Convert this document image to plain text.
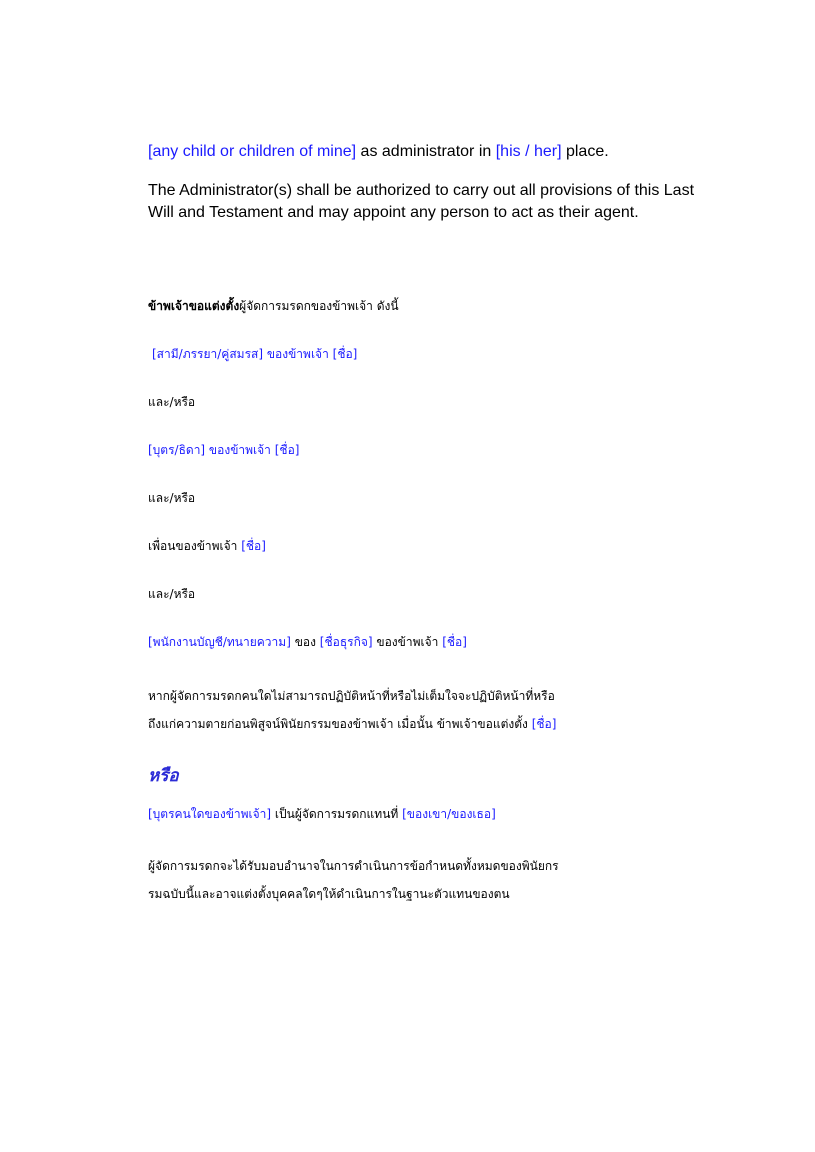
[any child or children of mine] as administrator in [his / her] place.
The Administrator(s) shall be authorized to carry out all provisions of this Last
Will and Testament and may appoint any person to act as their agent.
ข้าพเจ้าขอแต่งตั้งผู้จัดการมรดกของข้าพเจ้า ดังนี้
[สามี/ภรรยา/คู่สมรส] ของข้าพเจ้า [ชื่อ]
และ/หรือ
[บุตร/ธิดา] ของข้าพเจ้า [ชื่อ]
และ/หรือ
เพื่อนของข้าพเจ้า [ชื่อ]
และ/หรือ
[พนักงานบัญชี/ทนายความ] ของ [ชื่อธุรกิจ] ของข้าพเจ้า [ชื่อ]
หากผู้จัดการมรดกคนใดไม่สามารถปฏิบัติหน้าที่หรือไม่เต็มใจจะปฏิบัติหน้าที่หรือ
ถึงแก่ความตายก่อนพิสูจน์พินัยกรรมของข้าพเจ้า เมื่อนั้น ข้าพเจ้าขอแต่งตั้ง [ชื่อ]
หรือ
[บุตรคนใดของข้าพเจ้า] เป็นผู้จัดการมรดกแทนที่ [ของเขา/ของเธอ]
ผู้จัดการมรดกจะได้รับมอบอำนาจในการดำเนินการข้อกำหนดทั้งหมดของพินัยกร
รมฉบับนี้และอาจแต่งตั้งบุคคลใดๆให้ดำเนินการในฐานะตัวแทนของตน
